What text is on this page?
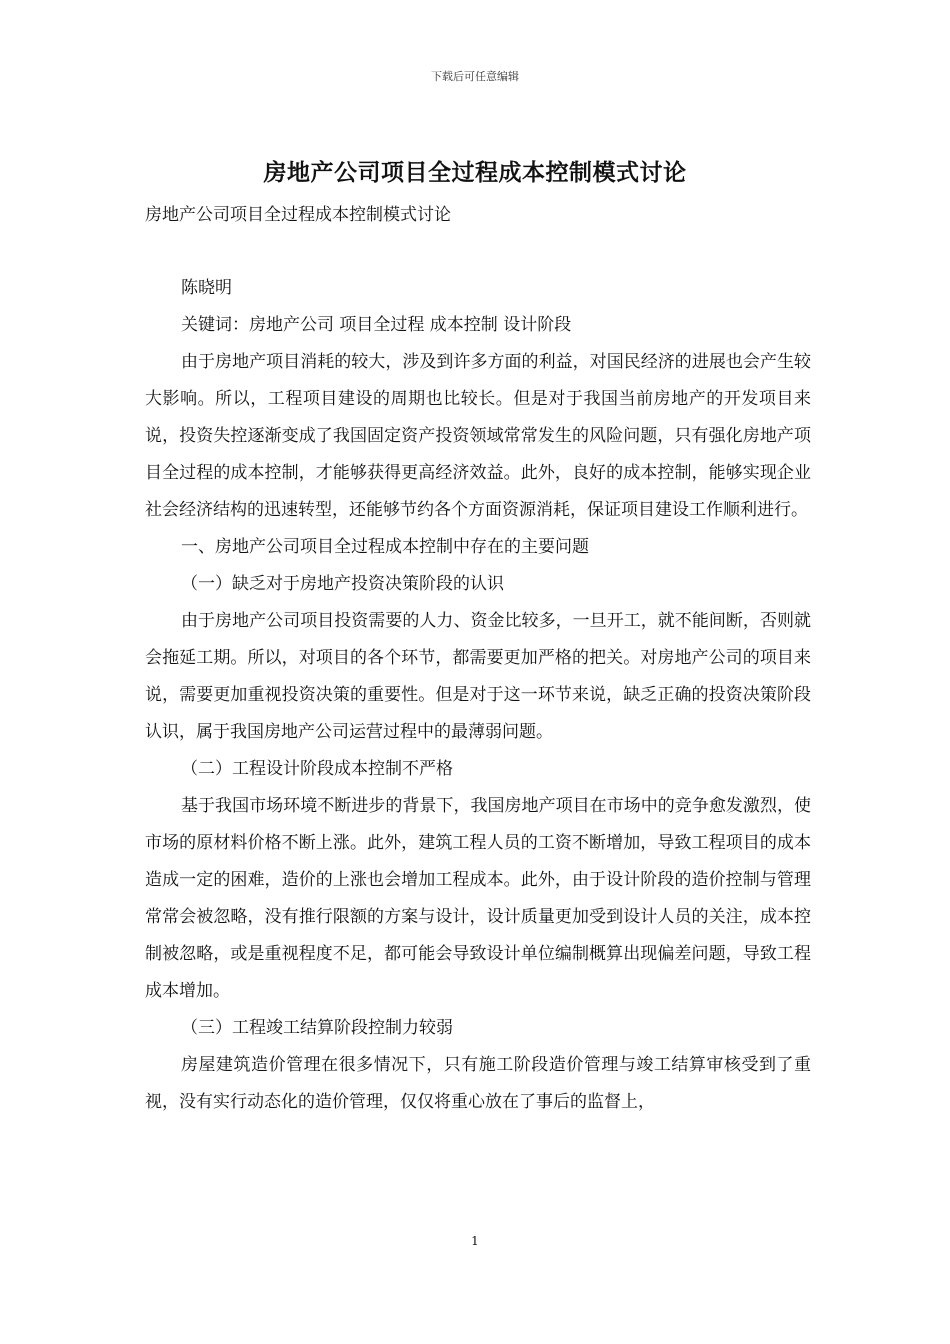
下载后可任意编辑
房地产公司项目全过程成本控制模式讨论
房地产公司项目全过程成本控制模式讨论

陈晓明

关键词：房地产公司 项目全过程 成本控制 设计阶段

由于房地产项目消耗的较大，涉及到许多方面的利益，对国民经济的进展也会产生较大影响。所以，工程项目建设的周期也比较长。但是对于我国当前房地产的开发项目来说，投资失控逐渐变成了我国固定资产投资领域常常发生的风险问题，只有强化房地产项目全过程的成本控制，才能够获得更高经济效益。此外，良好的成本控制，能够实现企业社会经济结构的迅速转型，还能够节约各个方面资源消耗，保证项目建设工作顺利进行。

一、房地产公司项目全过程成本控制中存在的主要问题

（一）缺乏对于房地产投资决策阶段的认识

由于房地产公司项目投资需要的人力、资金比较多，一旦开工，就不能间断，否则就会拖延工期。所以，对项目的各个环节，都需要更加严格的把关。对房地产公司的项目来说，需要更加重视投资决策的重要性。但是对于这一环节来说，缺乏正确的投资决策阶段认识，属于我国房地产公司运营过程中的最薄弱问题。

（二）工程设计阶段成本控制不严格

基于我国市场环境不断进步的背景下，我国房地产项目在市场中的竞争愈发激烈，使市场的原材料价格不断上涨。此外，建筑工程人员的工资不断增加，导致工程项目的成本造成一定的困难，造价的上涨也会增加工程成本。此外，由于设计阶段的造价控制与管理常常会被忽略，没有推行限额的方案与设计，设计质量更加受到设计人员的关注，成本控制被忽略，或是重视程度不足，都可能会导致设计单位编制概算出现偏差问题，导致工程成本增加。

（三）工程竣工结算阶段控制力较弱

房屋建筑造价管理在很多情况下，只有施工阶段造价管理与竣工结算审核受到了重视，没有实行动态化的造价管理，仅仅将重心放在了事后的监督上，

1
